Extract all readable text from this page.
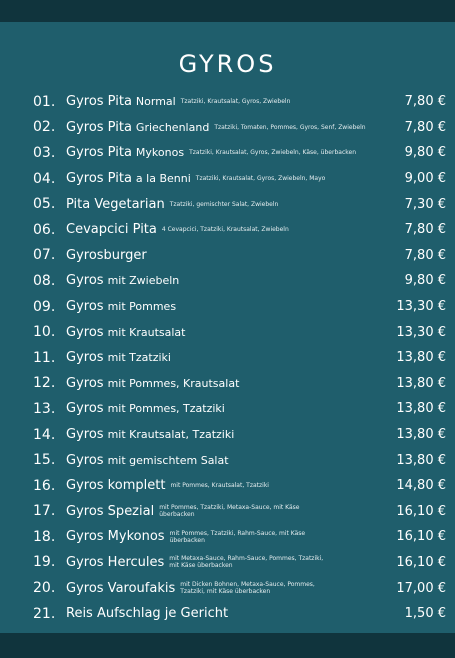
GYROS
01. Gyros Pita Normal Tzatziki, Krautsalat, Gyros, Zwiebeln	7,80 €
02. Gyros Pita Griechenland Tzatziki, Tomaten, Pommes, Gyros, Senf, Zwiebeln	7,80 €
03. Gyros Pita Mykonos Tzatziki, Krautsalat, Gyros, Zwiebeln, Käse, überbacken	9,80 €
04. Gyros Pita a la Benni Tzatziki, Krautsalat, Gyros, Zwiebeln, Mayo	9,00 €
05. Pita Vegetarian Tzatziki, gemischter Salat, Zwiebeln	7,30 €
06. Cevapcici Pita 4 Cevapcici, Tzatziki, Krautsalat, Zwiebeln	7,80 €
07. Gyrosburger	7,80 €
08. Gyros mit Zwiebeln	9,80 €
09. Gyros mit Pommes	13,30 €
10. Gyros mit Krautsalat	13,30 €
11. Gyros mit Tzatziki	13,80 €
12. Gyros mit Pommes, Krautsalat	13,80 €
13. Gyros mit Pommes, Tzatziki	13,80 €
14. Gyros mit Krautsalat, Tzatziki	13,80 €
15. Gyros mit gemischtem Salat	13,80 €
16. Gyros komplett mit Pommes, Krautsalat, Tzatziki	14,80 €
17. Gyros Spezial mit Pommes, Tzatziki, Metaxa-Sauce, mit Käse überbacken	16,10 €
18. Gyros Mykonos mit Pommes, Tzatziki, Rahm-Sauce, mit Käse überbacken	16,10 €
19. Gyros Hercules mit Metaxa-Sauce, Rahm-Sauce, Pommes, Tzatziki, mit Käse überbacken	16,10 €
20. Gyros Varoufakis mit Dicken Bohnen, Metaxa-Sauce, Pommes, Tzatziki, mit Käse überbacken	17,00 €
21. Reis Aufschlag je Gericht	1,50 €
